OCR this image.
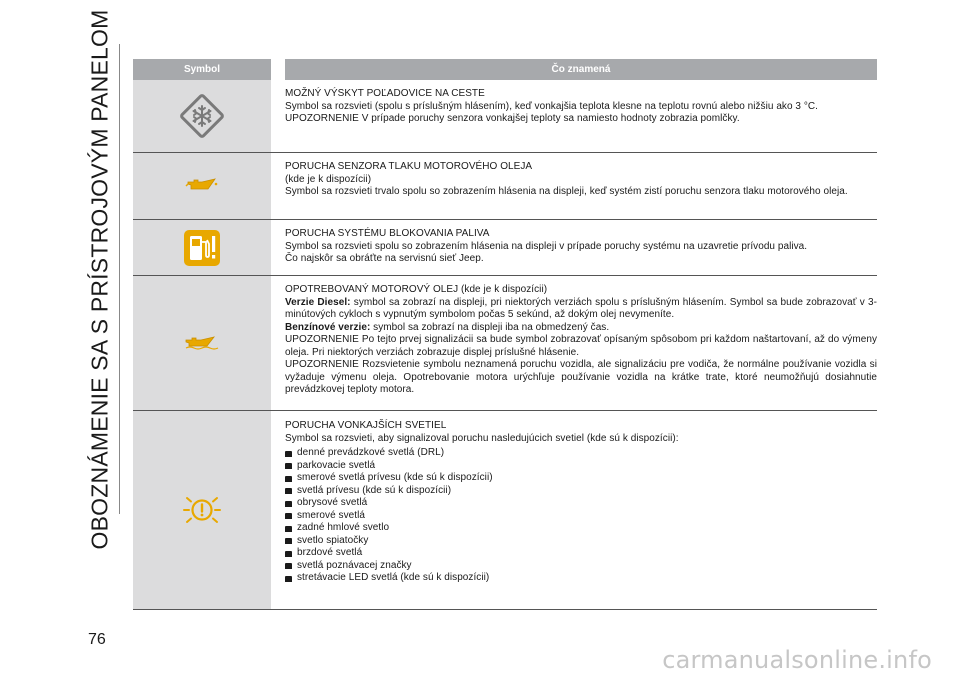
OBOZNÁMENIE SA S PRÍSTROJOVÝM PANELOM	Symbol	Čo znamená
MOŽNÝ VÝSKYT POĽADOVICE NA CESTE
Symbol sa rozsvieti (spolu s príslušným hlásením), keď vonkajšia teplota klesne na teplotu rovnú alebo nižšiu ako 3 °C.
UPOZORNENIE V prípade poruchy senzora vonkajšej teploty sa namiesto hodnoty zobrazia pomlčky.
PORUCHA SENZORA TLAKU MOTOROVÉHO OLEJA
(kde je k dispozícii)
Symbol sa rozsvieti trvalo spolu so zobrazením hlásenia na displeji, keď systém zistí poruchu senzora tlaku motorového oleja.
PORUCHA SYSTÉMU BLOKOVANIA PALIVA
Symbol sa rozsvieti spolu so zobrazením hlásenia na displeji v prípade poruchy systému na uzavretie prívodu paliva.
Čo najskôr sa obráťte na servisnú sieť Jeep.
OPOTREBOVANÝ MOTOROVÝ OLEJ (kde je k dispozícii)
Verzie Diesel: symbol sa zobrazí na displeji, pri niektorých verziách spolu s príslušným hlásením. Symbol sa bude zobrazovať v 3-minútových cykloch s vypnutým symbolom počas 5 sekúnd, až dokým olej nevymeníte.
Benzínové verzie: symbol sa zobrazí na displeji iba na obmedzený čas.
UPOZORNENIE Po tejto prvej signalizácii sa bude symbol zobrazovať opísaným spôsobom pri každom naštartovaní, až do výmeny oleja. Pri niektorých verziách zobrazuje displej príslušné hlásenie.
UPOZORNENIE Rozsvietenie symbolu neznamená poruchu vozidla, ale signalizáciu pre vodiča, že normálne používanie vozidla si vyžaduje výmenu oleja. Opotrebovanie motora urýchľuje používanie vozidla na krátke trate, ktoré neumožňujú dosiahnutie prevádzkovej teploty motora.
PORUCHA VONKAJŠÍCH SVETIEL
Symbol sa rozsvieti, aby signalizoval poruchu nasledujúcich svetiel (kde sú k dispozícii):
denné prevádzkové svetlá (DRL)
parkovacie svetlá
smerové svetlá prívesu (kde sú k dispozícii)
svetlá prívesu (kde sú k dispozícii)
obrysové svetlá
smerové svetlá
zadné hmlové svetlo
svetlo spiatočky
brzdové svetlá
svetlá poznávacej značky
stretávacie LED svetlá (kde sú k dispozícii)
76
carmanualsonline.info
